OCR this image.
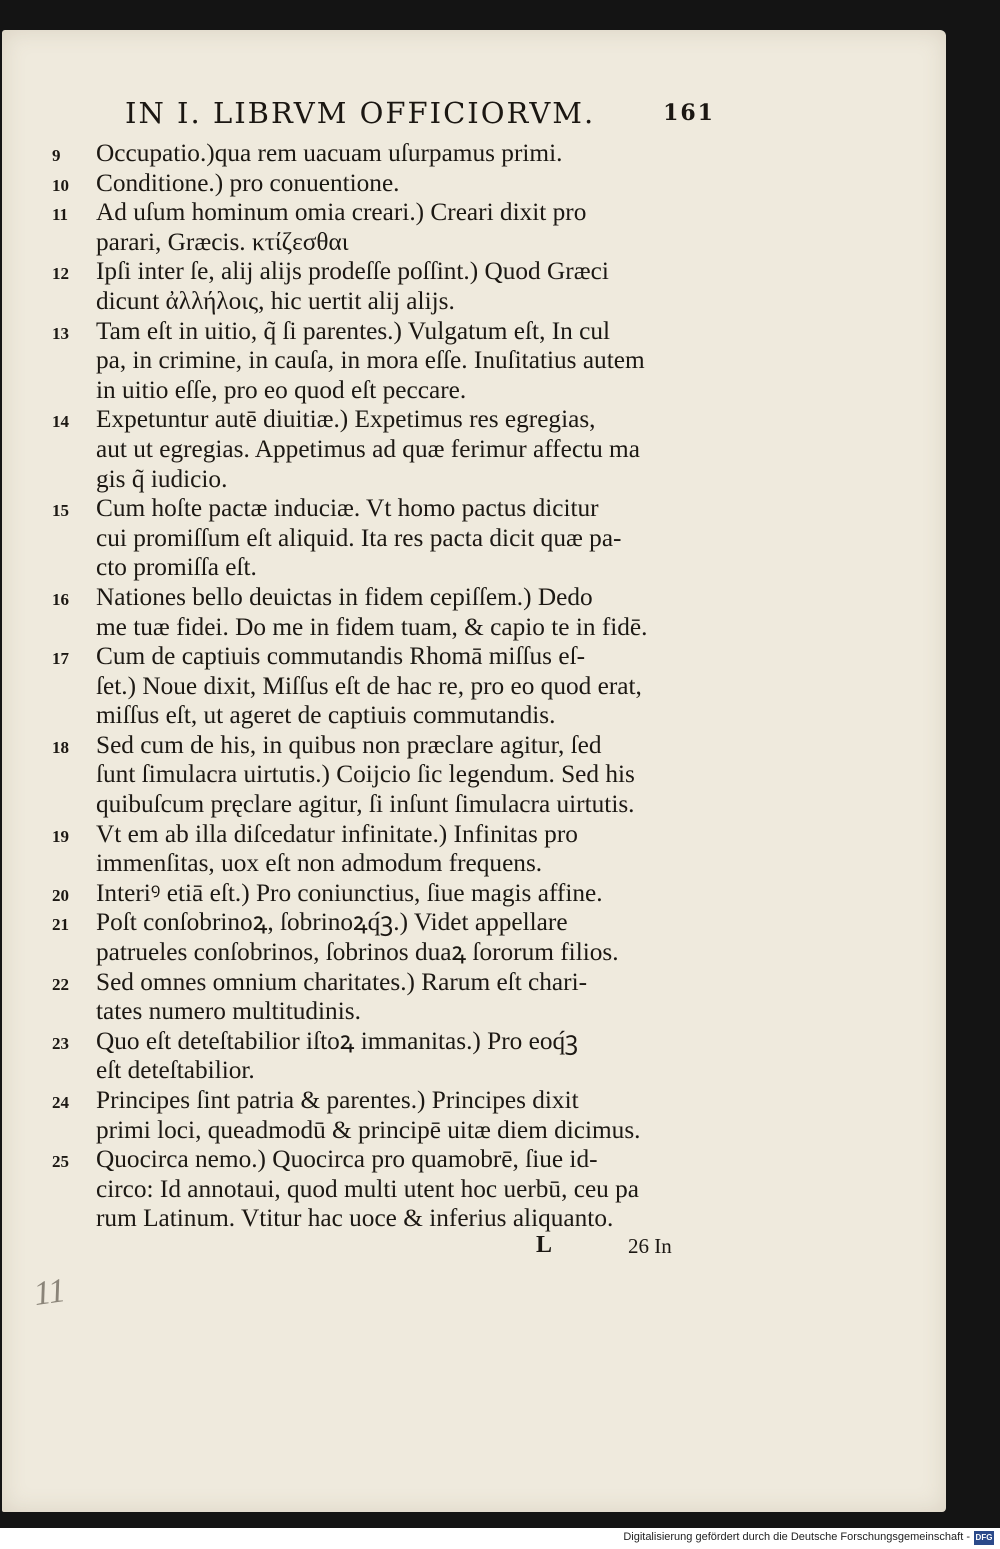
IN I. LIBRVM OFFICIORVM.	161
9 Occupatio.)qua rem uacuam uſurpamus primi.
10 Conditione.) pro conuentione.
11 Ad uſum hominum omia creari.) Creari dixit pro
parari, Græcis. κτίζεσθαι
12 Ipſi inter ſe, alij alijs prodeſſe poſſint.) Quod Græci
dicunt ἀλλήλοις, hic uertit alij alijs.
13 Tam eſt in uitio, q̃ ſi parentes.) Vulgatum eſt, In cul
pa, in crimine, in cauſa, in mora eſſe. Inuſitatius autem
in uitio eſſe, pro eo quod eſt peccare.
14 Expetuntur autē diuitiæ.) Expetimus res egregias,
aut ut egregias. Appetimus ad quæ ferimur affectu ma
gis q̃ iudicio.
15 Cum hoſte pactæ induciæ. Vt homo pactus dicitur
cui promiſſum eſt aliquid. Ita res pacta dicit quæ pa-
cto promiſſa eſt.
16 Nationes bello deuictas in fidem cepiſſem.) Dedo
me tuæ fidei. Do me in fidem tuam, & capio te in fidē.
17 Cum de captiuis commutandis Rhomā miſſus eſ-
ſet.) Noue dixit, Miſſus eſt de hac re, pro eo quod erat,
miſſus eſt, ut ageret de captiuis commutandis.
18 Sed cum de his, in quibus non præclare agitur, ſed
ſunt ſimulacra uirtutis.) Coijcio ſic legendum. Sed his
quibuſcum pręclare agitur, ſi inſunt ſimulacra uirtutis.
19 Vt em ab illa diſcedatur infinitate.) Infinitas pro
immenſitas, uox eſt non admodum frequens.
20 Interiꝰ etiā eſt.) Pro coniunctius, ſiue magis affine.
21 Poſt conſobrinoꝝ, ſobrinoꝝq́ꝫ.) Videt appellare
patrueles conſobrinos, ſobrinos duaꝝ ſororum filios.
22 Sed omnes omnium charitates.) Rarum eſt chari-
tates numero multitudinis.
23 Quo eſt deteſtabilior iſtoꝝ immanitas.) Pro eoq́ꝫ
eſt deteſtabilior.
24 Principes ſint patria & parentes.) Principes dixit
primi loci, queadmodū & principē uitæ diem dicimus.
25 Quocirca nemo.) Quocirca pro quamobrē, ſiue id-
circo: Id annotaui, quod multi utent hoc uerbū, ceu pa
rum Latinum. Vtitur hac uoce & inferius aliquanto.
L	26 In
11
Digitalisierung gefördert durch die Deutsche Forschungsgemeinschaft - DFG
